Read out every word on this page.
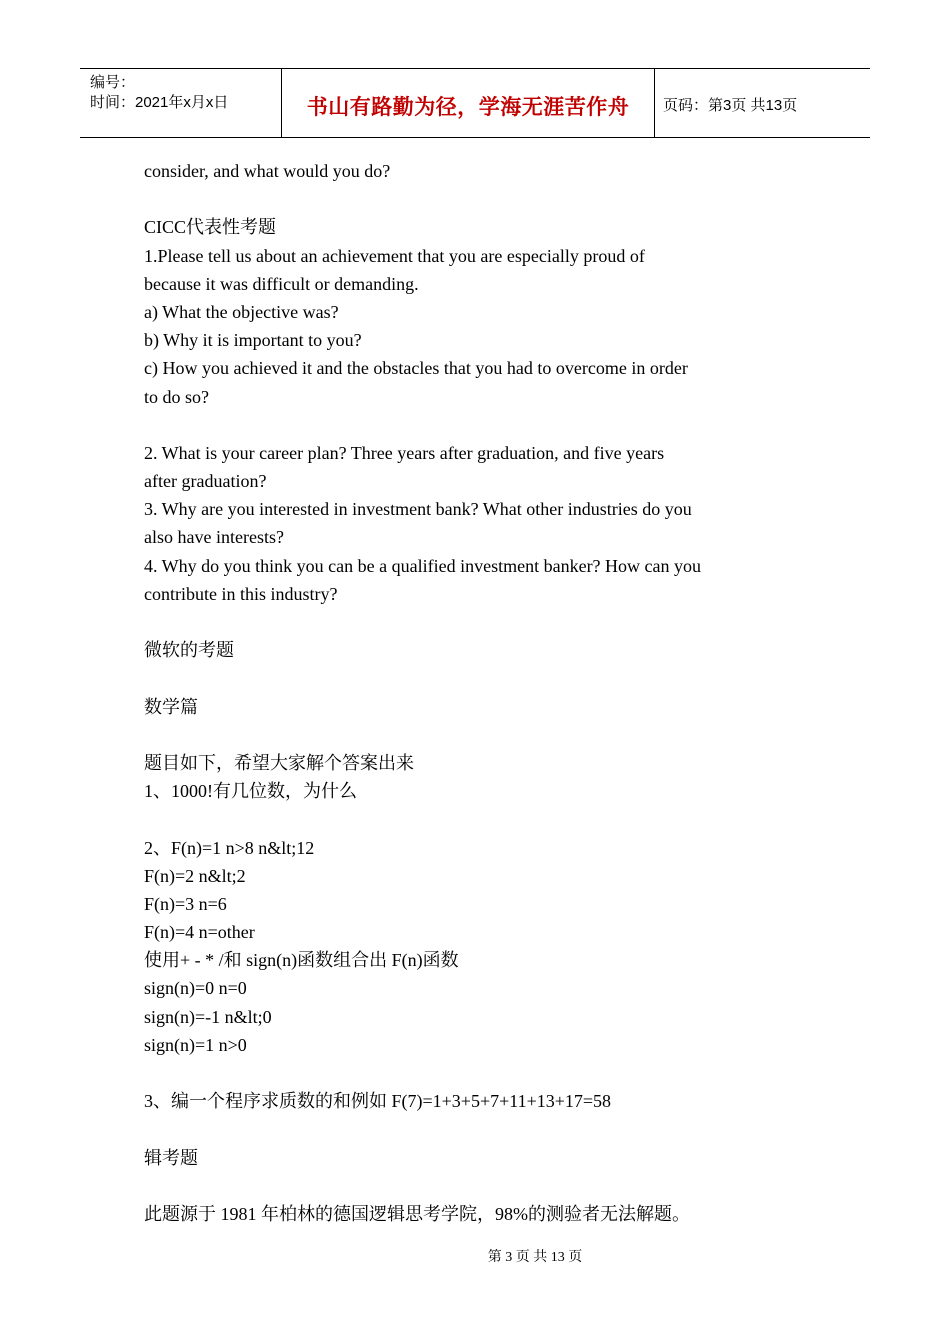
编号：
时间：2021年x月x日	书山有路勤为径，学海无涯苦作舟	页码：第3页 共13页
consider, and what would you do?
CICC代表性考题
1.Please tell us about an achievement that you are especially proud of
because it was difficult or demanding.
a) What the objective was?
b) Why it is important to you?
c) How you achieved it and the obstacles that you had to overcome in order
to do so?
2. What is your career plan? Three years after graduation, and five years
after graduation?
3. Why are you interested in investment bank? What other industries do you
also have interests?
4. Why do you think you can be a qualified investment banker? How can you
contribute in this industry?
微软的考题
数学篇
题目如下，希望大家解个答案出来
1、1000!有几位数，为什么
2、F(n)=1 n>8 n&lt;12
F(n)=2 n&lt;2
F(n)=3 n=6
F(n)=4 n=other
使用+ - * /和 sign(n)函数组合出 F(n)函数
sign(n)=0 n=0
sign(n)=-1 n&lt;0
sign(n)=1 n>0
3、编一个程序求质数的和例如 F(7)=1+3+5+7+11+13+17=58
辑考题
此题源于 1981 年柏林的德国逻辑思考学院，98%的测验者无法解题。
第 3 页 共 13 页
